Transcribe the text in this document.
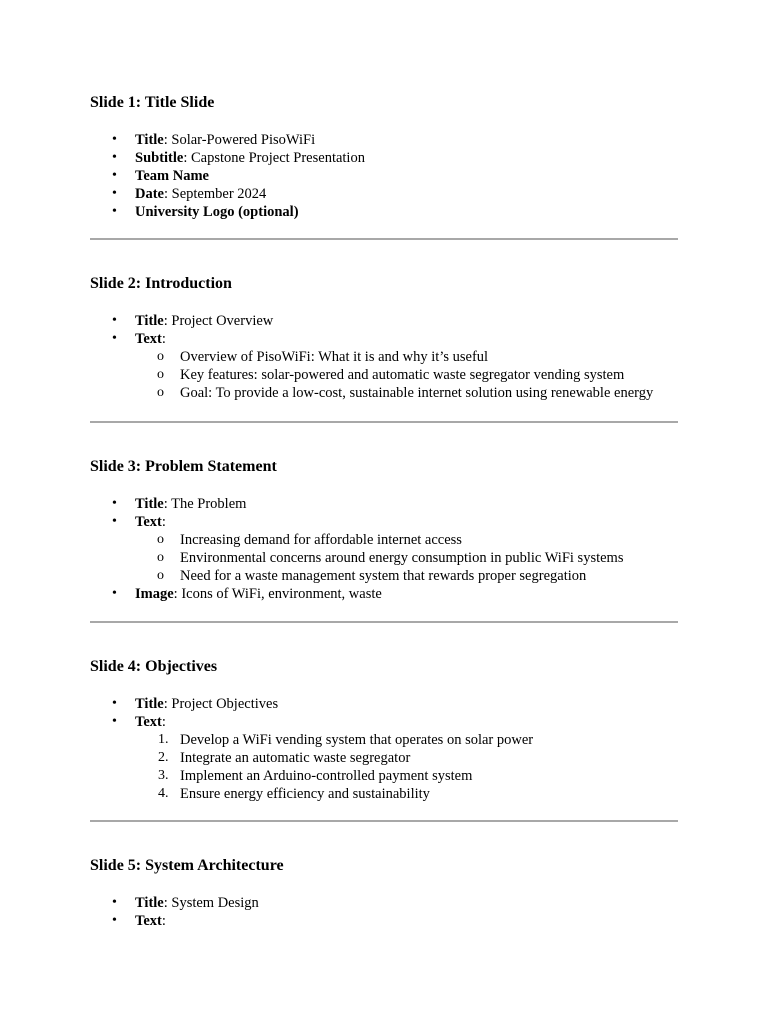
Slide 1: Title Slide
• Title: Solar-Powered PisoWiFi
• Subtitle: Capstone Project Presentation
• Team Name
• Date: September 2024
• University Logo (optional)
Slide 2: Introduction
• Title: Project Overview
• Text:
o Overview of PisoWiFi: What it is and why it’s useful
o Key features: solar-powered and automatic waste segregator vending system
o Goal: To provide a low-cost, sustainable internet solution using renewable energy
Slide 3: Problem Statement
• Title: The Problem
• Text:
o Increasing demand for affordable internet access
o Environmental concerns around energy consumption in public WiFi systems
o Need for a waste management system that rewards proper segregation
• Image: Icons of WiFi, environment, waste
Slide 4: Objectives
• Title: Project Objectives
• Text:
1. Develop a WiFi vending system that operates on solar power
2. Integrate an automatic waste segregator
3. Implement an Arduino-controlled payment system
4. Ensure energy efficiency and sustainability
Slide 5: System Architecture
• Title: System Design
• Text:
